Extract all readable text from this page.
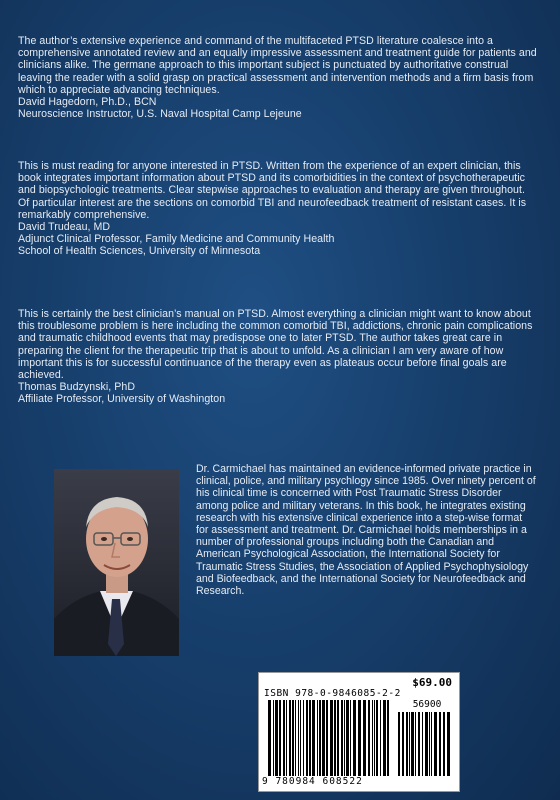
The author’s extensive experience and command of the multifaceted PTSD literature coalesce into a comprehensive annotated review and an equally impressive assessment and treatment guide for patients and clinicians alike. The germane approach to this important subject is punctuated by authoritative construal leaving the reader with a solid grasp on practical assessment and intervention methods and a firm basis from which to appreciate advancing techniques.

David Hagedorn, Ph.D., BCN

Neuroscience Instructor, U.S. Naval Hospital Camp Lejeune

This is must reading for anyone interested in PTSD. Written from the experience of an expert clinician, this book integrates important information about PTSD and its comorbidities in the context of psychotherapeutic and biopsychologic treatments. Clear stepwise approaches to evaluation and therapy are given throughout. Of particular interest are the sections on comorbid TBI and neurofeedback treatment of resistant cases. It is remarkably comprehensive.

David Trudeau, MD

Adjunct Clinical Professor, Family Medicine and Community Health

School of Health Sciences, University of Minnesota

This is certainly the best clinician’s manual on PTSD. Almost everything a clinician might want to know about this troublesome problem is here including the common comorbid TBI, addictions, chronic pain complications and traumatic childhood events that may predispose one to later PTSD. The author takes great care in preparing the client for the therapeutic trip that is about to unfold. As a clinician I am very aware of how important this is for successful continuance of the therapy even as plateaus occur before final goals are achieved.

Thomas Budzynski, PhD

Affiliate Professor, University of Washington

Dr. Carmichael has maintained an evidence-informed private practice in clinical, police, and military psychlogy since 1985. Over ninety percent of his clinical time is concerned with Post Traumatic Stress Disorder among police and military veterans. In this book, he integrates existing research with his extensive clinical experience into a step-wise format for assessment and treatment. Dr. Carmichael holds memberships in a number of professional groups including both the Canadian and American Psychological Association, the International Society for Traumatic Stress Studies, the Association of Applied Psychophysiology and Biofeedback, and the International Society for Neurofeedback and Research.

$69.00
ISBN 978-0-9846085-2-2
56900
9 780984 608522
